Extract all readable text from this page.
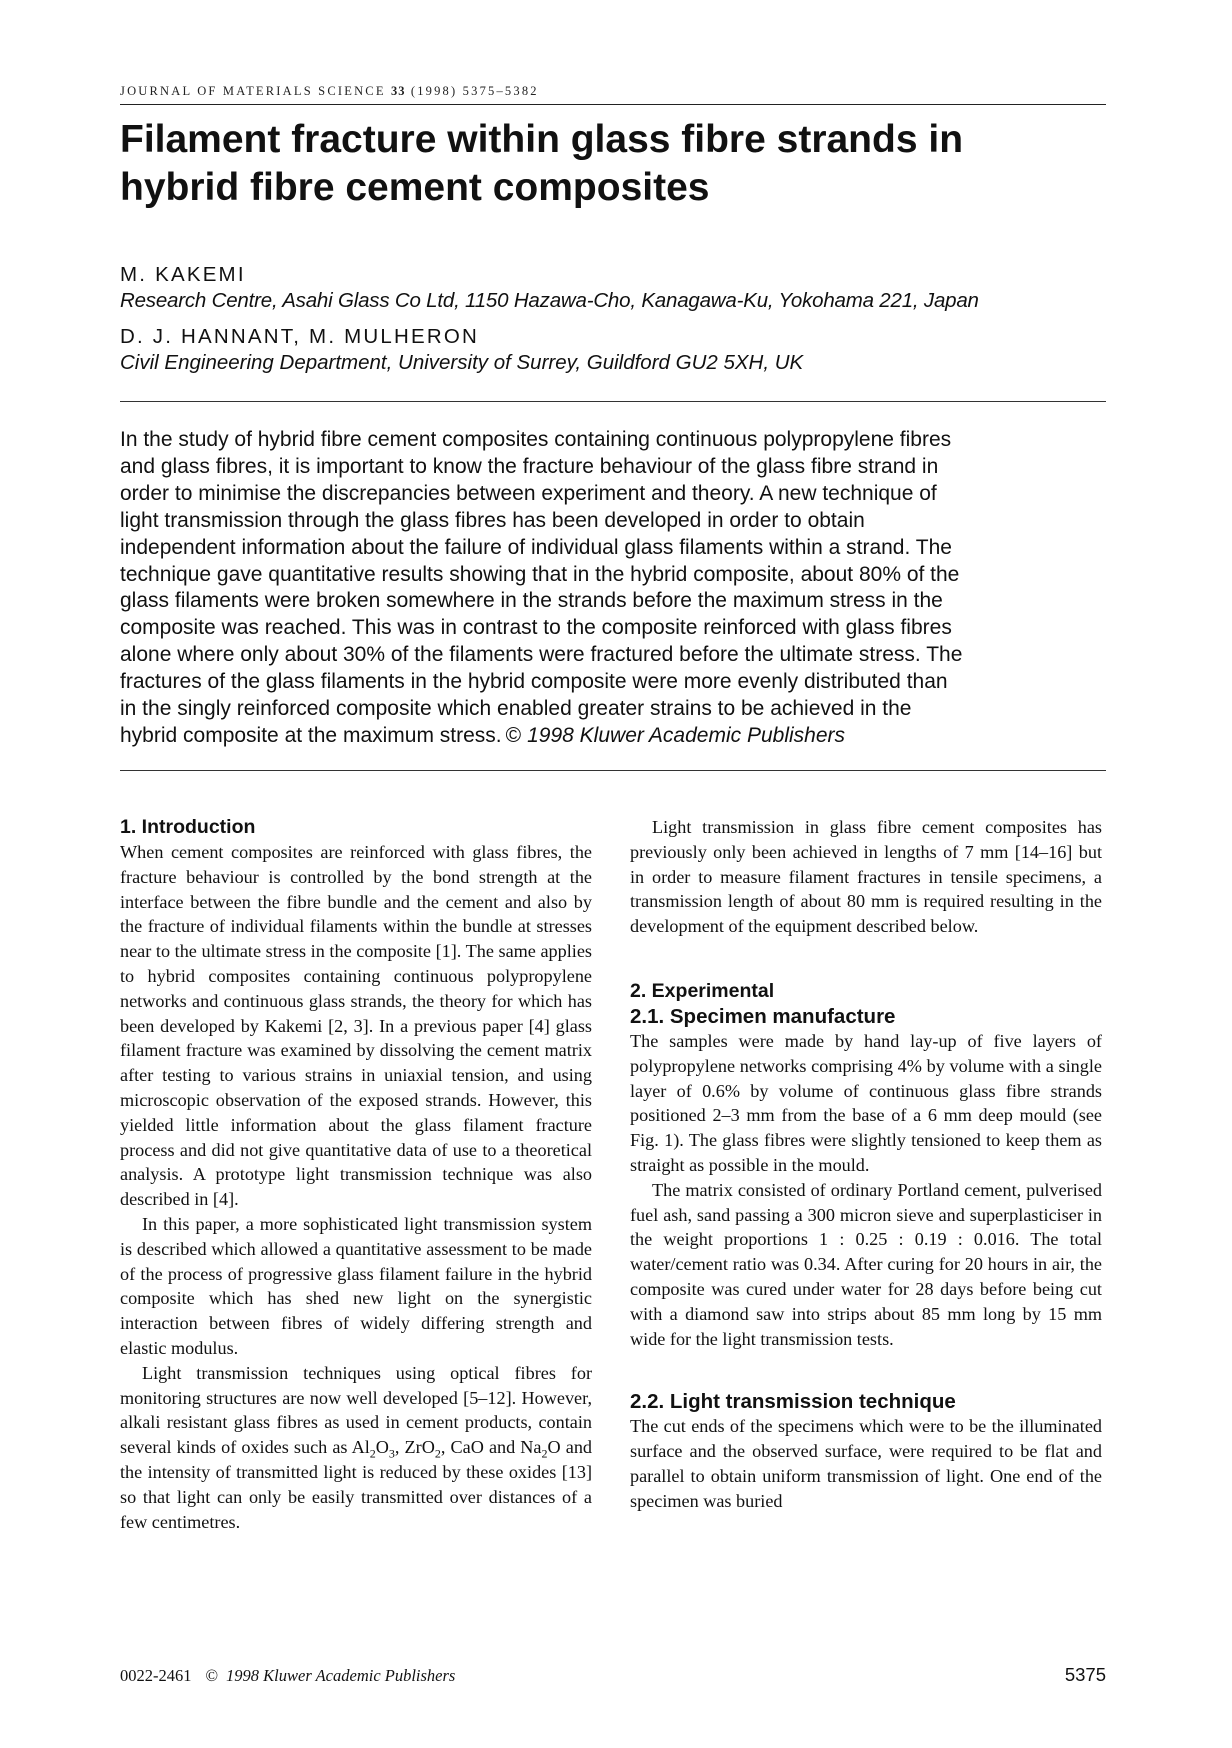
JOURNAL OF MATERIALS SCIENCE 33 (1998) 5375–5382
Filament fracture within glass fibre strands in
hybrid fibre cement composites
M. KAKEMI
Research Centre, Asahi Glass Co Ltd, 1150 Hazawa-Cho, Kanagawa-Ku, Yokohama 221, Japan
D. J. HANNANT, M. MULHERON
Civil Engineering Department, University of Surrey, Guildford GU2 5XH, UK
In the study of hybrid fibre cement composites containing continuous polypropylene fibres
and glass fibres, it is important to know the fracture behaviour of the glass fibre strand in
order to minimise the discrepancies between experiment and theory. A new technique of
light transmission through the glass fibres has been developed in order to obtain
independent information about the failure of individual glass filaments within a strand. The
technique gave quantitative results showing that in the hybrid composite, about 80% of the
glass filaments were broken somewhere in the strands before the maximum stress in the
composite was reached. This was in contrast to the composite reinforced with glass fibres
alone where only about 30% of the filaments were fractured before the ultimate stress. The
fractures of the glass filaments in the hybrid composite were more evenly distributed than
in the singly reinforced composite which enabled greater strains to be achieved in the
hybrid composite at the maximum stress. © 1998 Kluwer Academic Publishers
1. Introduction

When cement composites are reinforced with glass fibres, the fracture behaviour is controlled by the bond strength at the interface between the fibre bundle and the cement and also by the fracture of individual filaments within the bundle at stresses near to the ultimate stress in the composite [1]. The same applies to hybrid composites containing continuous polypropylene networks and continuous glass strands, the theory for which has been developed by Kakemi [2, 3]. In a previous paper [4] glass filament fracture was examined by dissolving the cement matrix after testing to various strains in uniaxial tension, and using microscopic observation of the exposed strands. However, this yielded little information about the glass filament fracture process and did not give quantitative data of use to a theoretical analysis. A prototype light transmission technique was also described in [4].

In this paper, a more sophisticated light transmission system is described which allowed a quantitative assessment to be made of the process of progressive glass filament failure in the hybrid composite which has shed new light on the synergistic interaction between fibres of widely differing strength and elastic modulus.

Light transmission techniques using optical fibres for monitoring structures are now well developed [5–12]. However, alkali resistant glass fibres as used in cement products, contain several kinds of oxides such as $Al_2O_3$, ZrO$_2$, CaO and $Na_2O$ and the intensity of transmitted light is reduced by these oxides [13] so that light can only be easily transmitted over distances of a few centimetres.

Light transmission in glass fibre cement composites has previously only been achieved in lengths of 7 mm [14–16] but in order to measure filament fractures in tensile specimens, a transmission length of about 80 mm is required resulting in the development of the equipment described below.

2. Experimental
2.1. Specimen manufacture

The samples were made by hand lay-up of five layers of polypropylene networks comprising 4% by volume with a single layer of 0.6% by volume of continuous glass fibre strands positioned 2–3 mm from the base of a 6 mm deep mould (see Fig. 1). The glass fibres were slightly tensioned to keep them as straight as possible in the mould.

The matrix consisted of ordinary Portland cement, pulverised fuel ash, sand passing a 300 micron sieve and superplasticiser in the weight proportions 1 : 0.25 : 0.19 : 0.016. The total water/cement ratio was 0.34. After curing for 20 hours in air, the composite was cured under water for 28 days before being cut with a diamond saw into strips about 85 mm long by 15 mm wide for the light transmission tests.

2.2. Light transmission technique

The cut ends of the specimens which were to be the illuminated surface and the observed surface, were required to be flat and parallel to obtain uniform transmission of light. One end of the specimen was buried

0022-2461 © 1998 Kluwer Academic Publishers	5375
